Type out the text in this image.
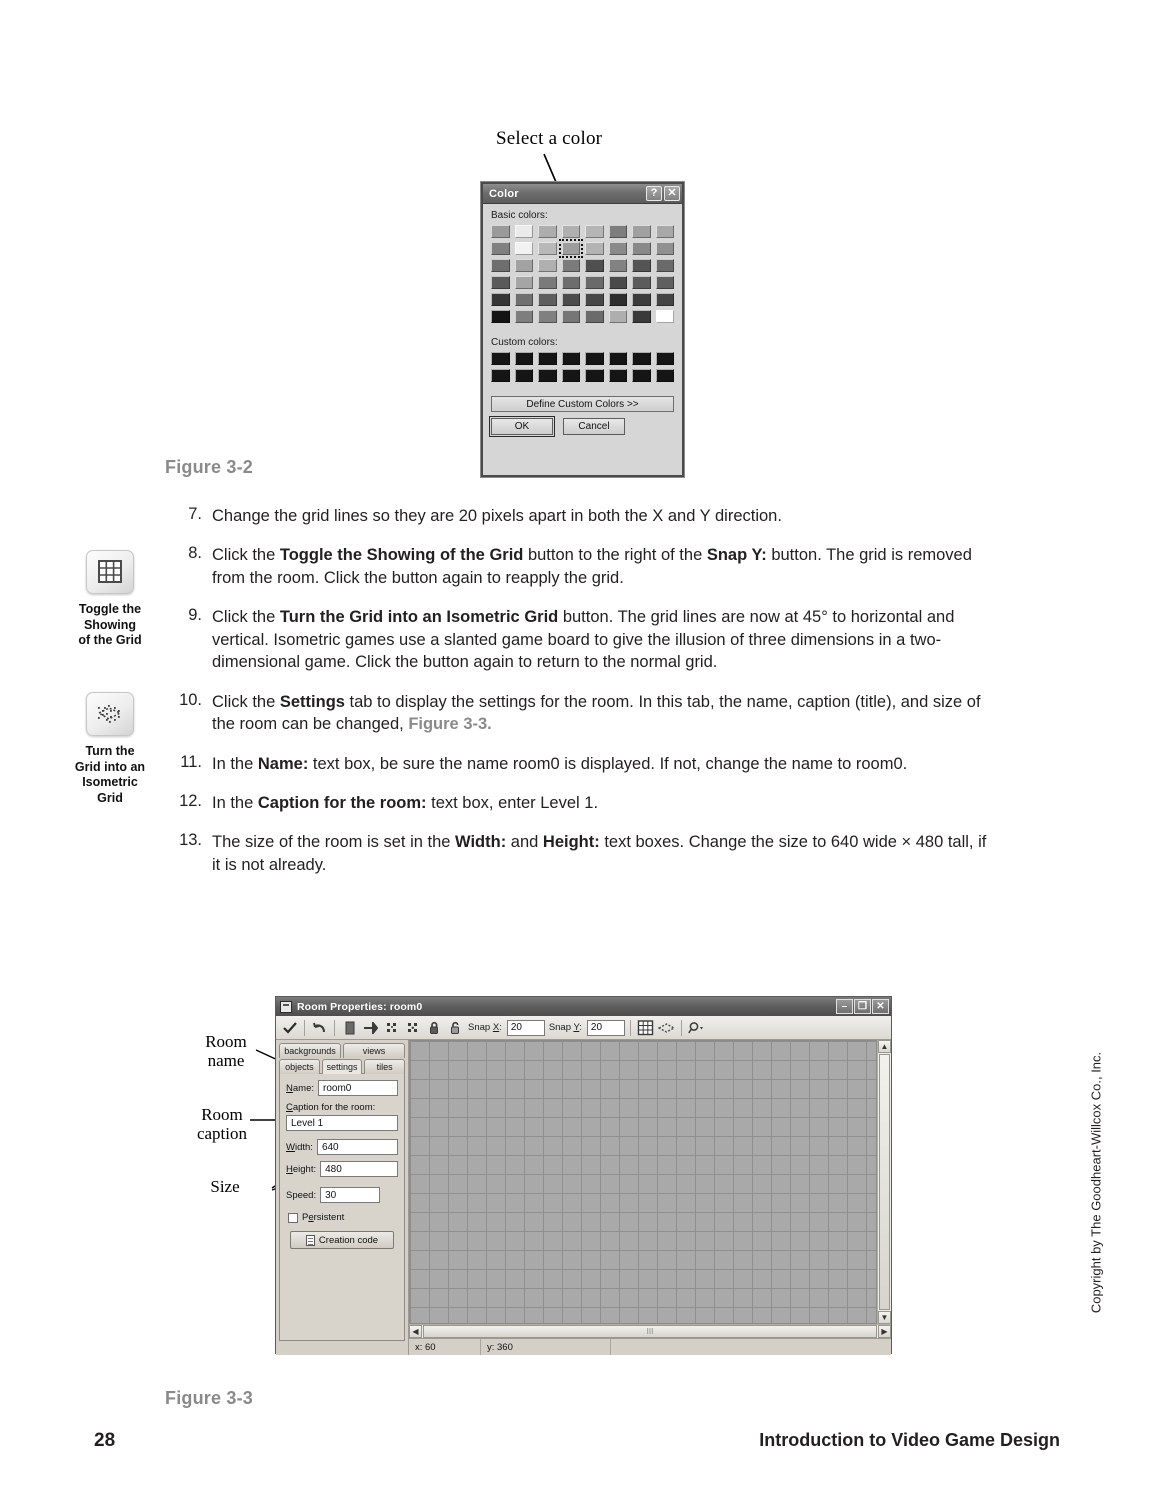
Select a color
Color	? ✕
Basic colors:
Custom colors:
Define Custom Colors >>
OK	Cancel
Figure 3-2
Toggle the
Showing
of the Grid
Turn the
Grid into an
Isometric
Grid
7. Change the grid lines so they are 20 pixels apart in both the X and Y direction.
8. Click the Toggle the Showing of the Grid button to the right of the Snap Y: button. The grid is removed from the room. Click the button again to reapply the grid.
9. Click the Turn the Grid into an Isometric Grid button. The grid lines are now at 45° to horizontal and vertical. Isometric games use a slanted game board to give the illusion of three dimensions in a two-dimensional game. Click the button again to return to the normal grid.
10. Click the Settings tab to display the settings for the room. In this tab, the name, caption (title), and size of the room can be changed, Figure 3-3.
11. In the Name: text box, be sure the name room0 is displayed. If not, change the name to room0.
12. In the Caption for the room: text box, enter Level 1.
13. The size of the room is set in the Width: and Height: text boxes. Change the size to 640 wide × 480 tall, if it is not already.
Room
name
Room
caption
Size
Room Properties: room0	–	❐ ✕
Snap X: 20	Snap Y: 20
backgrounds	views
objects	settings	tiles
Name: room0
Caption for the room:
Level 1
Width: 640
Height: 480
Speed: 30
Persistent
Creation code
▲
▼
◀	III	▶
x: 60	y: 360
Figure 3-3
28	Introduction to Video Game Design
Copyright by The Goodheart-Willcox Co., Inc.
